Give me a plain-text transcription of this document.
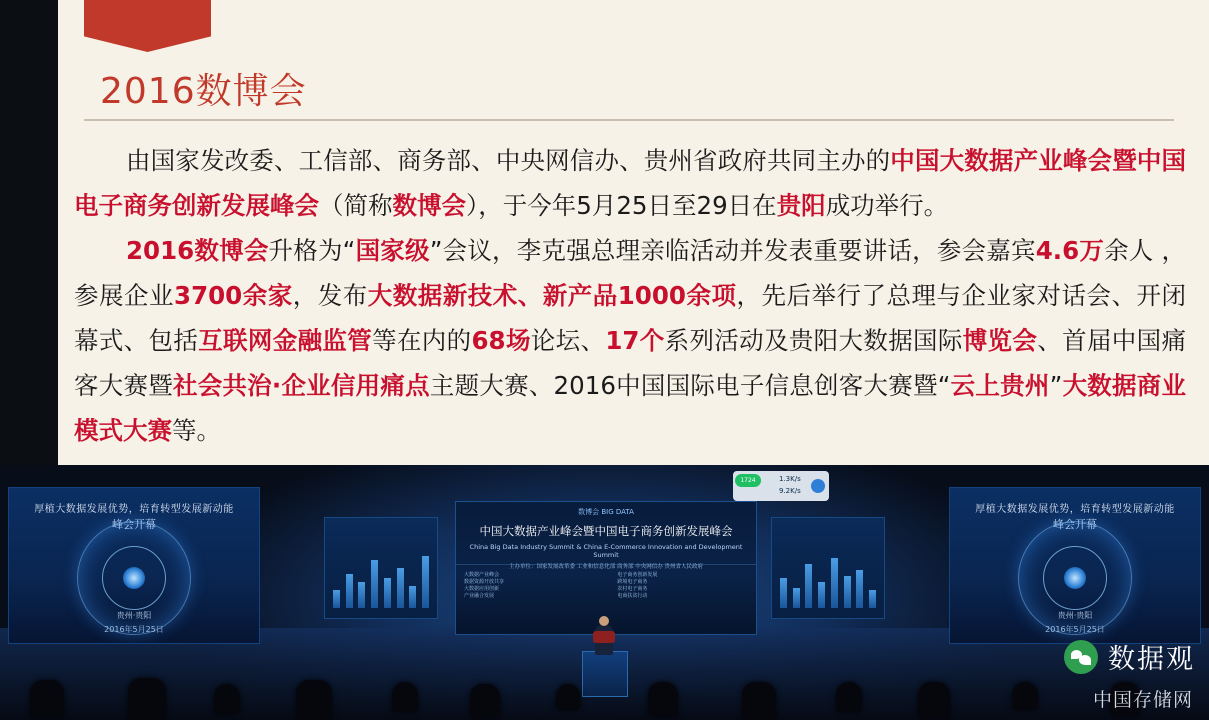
2016数博会

由国家发改委、工信部、商务部、中央网信办、贵州省政府共同主办的中国大数据产业峰会暨中国电子商务创新发展峰会（简称数博会），于今年5月25日至29日在贵阳成功举行。

2016数博会升格为“国家级”会议，李克强总理亲临活动并发表重要讲话，参会嘉宾4.6万余人 ，参展企业3700余家，发布大数据新技术、新产品1000余项，先后举行了总理与企业家对话会、开闭幕式、包括互联网金融监管等在内的68场论坛、17个系列活动及贵阳大数据国际博览会、首届中国痛客大赛暨社会共治·企业信用痛点主题大赛、2016中国国际电子信息创客大赛暨“云上贵州”大数据商业模式大赛等。

厚植大数据发展优势，培育转型发展新动能
峰会开幕
贵州·贵阳
2016年5月25日
厚植大数据发展优势，培育转型发展新动能
峰会开幕
贵州·贵阳
2016年5月25日
数博会 BIG DATA
中国大数据产业峰会暨中国电子商务创新发展峰会
China Big Data Industry Summit & China E-Commerce Innovation and Development Summit
主办单位：国家发展改革委 工业和信息化部 商务部 中央网信办 贵州省人民政府
大数据产业峰会
数据资源开放共享
大数据应用创新
产业融合发展
电子商务创新发展
跨境电子商务
农村电子商务
电商扶贫行动
1724	1.3K/s
9.2K/s
数据观
中国存储网
